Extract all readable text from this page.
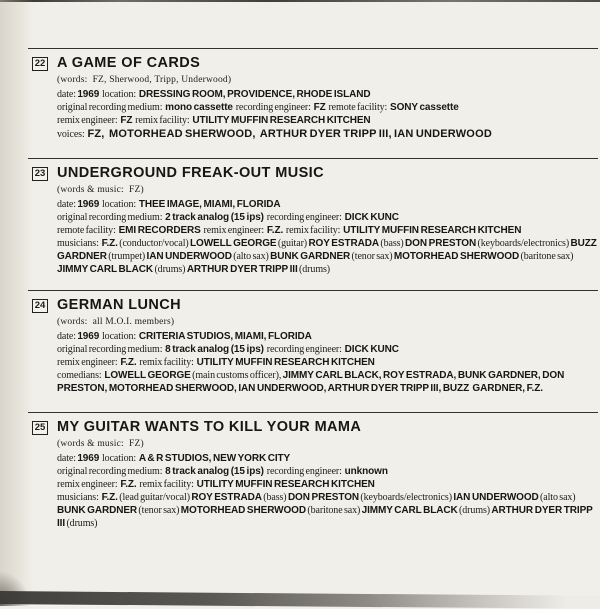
22 A GAME OF CARDS

(words:  FZ, Sherwood, Tripp, Underwood)

date: 1969  location:  DRESSING ROOM, PROVIDENCE, RHODE ISLAND

original recording medium:  mono cassette  recording engineer:  FZ  remote facility:  SONY cassette

remix engineer:  FZ  remix facility:  UTILITY MUFFIN RESEARCH KITCHEN

voices:  FZ,  MOTORHEAD SHERWOOD,  ARTHUR DYER TRIPP III, IAN UNDERWOOD

23 UNDERGROUND FREAK-OUT MUSIC

(words & music:  FZ)

date: 1969  location:  THEE IMAGE, MIAMI, FLORIDA

original recording medium:  2 track analog (15 ips)  recording engineer:  DICK KUNC

remote facility:  EMI RECORDERS  remix engineer:  F.Z.  remix facility:  UTILITY MUFFIN RESEARCH KITCHEN

musicians:  F.Z. (conductor/vocal) LOWELL GEORGE (guitar) ROY ESTRADA (bass) DON PRESTON (keyboards/electronics) BUZZ GARDNER (trumpet) IAN UNDERWOOD (alto sax) BUNK GARDNER (tenor sax) MOTORHEAD SHERWOOD (baritone sax) JIMMY CARL BLACK (drums) ARTHUR DYER TRIPP III (drums)

24 GERMAN LUNCH

(words:  all M.O.I. members)

date: 1969  location:  CRITERIA STUDIOS, MIAMI, FLORIDA

original recording medium:  8 track analog (15 ips)  recording engineer:  DICK KUNC

remix engineer:  F.Z.  remix facility:  UTILITY MUFFIN RESEARCH KITCHEN

comedians:  LOWELL GEORGE (main customs officer), JIMMY CARL BLACK, ROY ESTRADA, BUNK GARDNER, DON PRESTON, MOTORHEAD SHERWOOD, IAN UNDERWOOD, ARTHUR DYER TRIPP III, BUZZ  GARDNER, F.Z.

25 MY GUITAR WANTS TO KILL YOUR MAMA

(words & music:  FZ)

date: 1969  location:  A & R STUDIOS, NEW YORK CITY

original recording medium:  8 track analog (15 ips)  recording engineer:  unknown

remix engineer:  F.Z.  remix facility:  UTILITY MUFFIN RESEARCH KITCHEN

musicians:  F.Z. (lead guitar/vocal) ROY ESTRADA (bass) DON PRESTON (keyboards/electronics) IAN UNDERWOOD (alto sax) BUNK GARDNER (tenor sax) MOTORHEAD SHERWOOD (baritone sax) JIMMY CARL BLACK (drums) ARTHUR DYER TRIPP III (drums)
